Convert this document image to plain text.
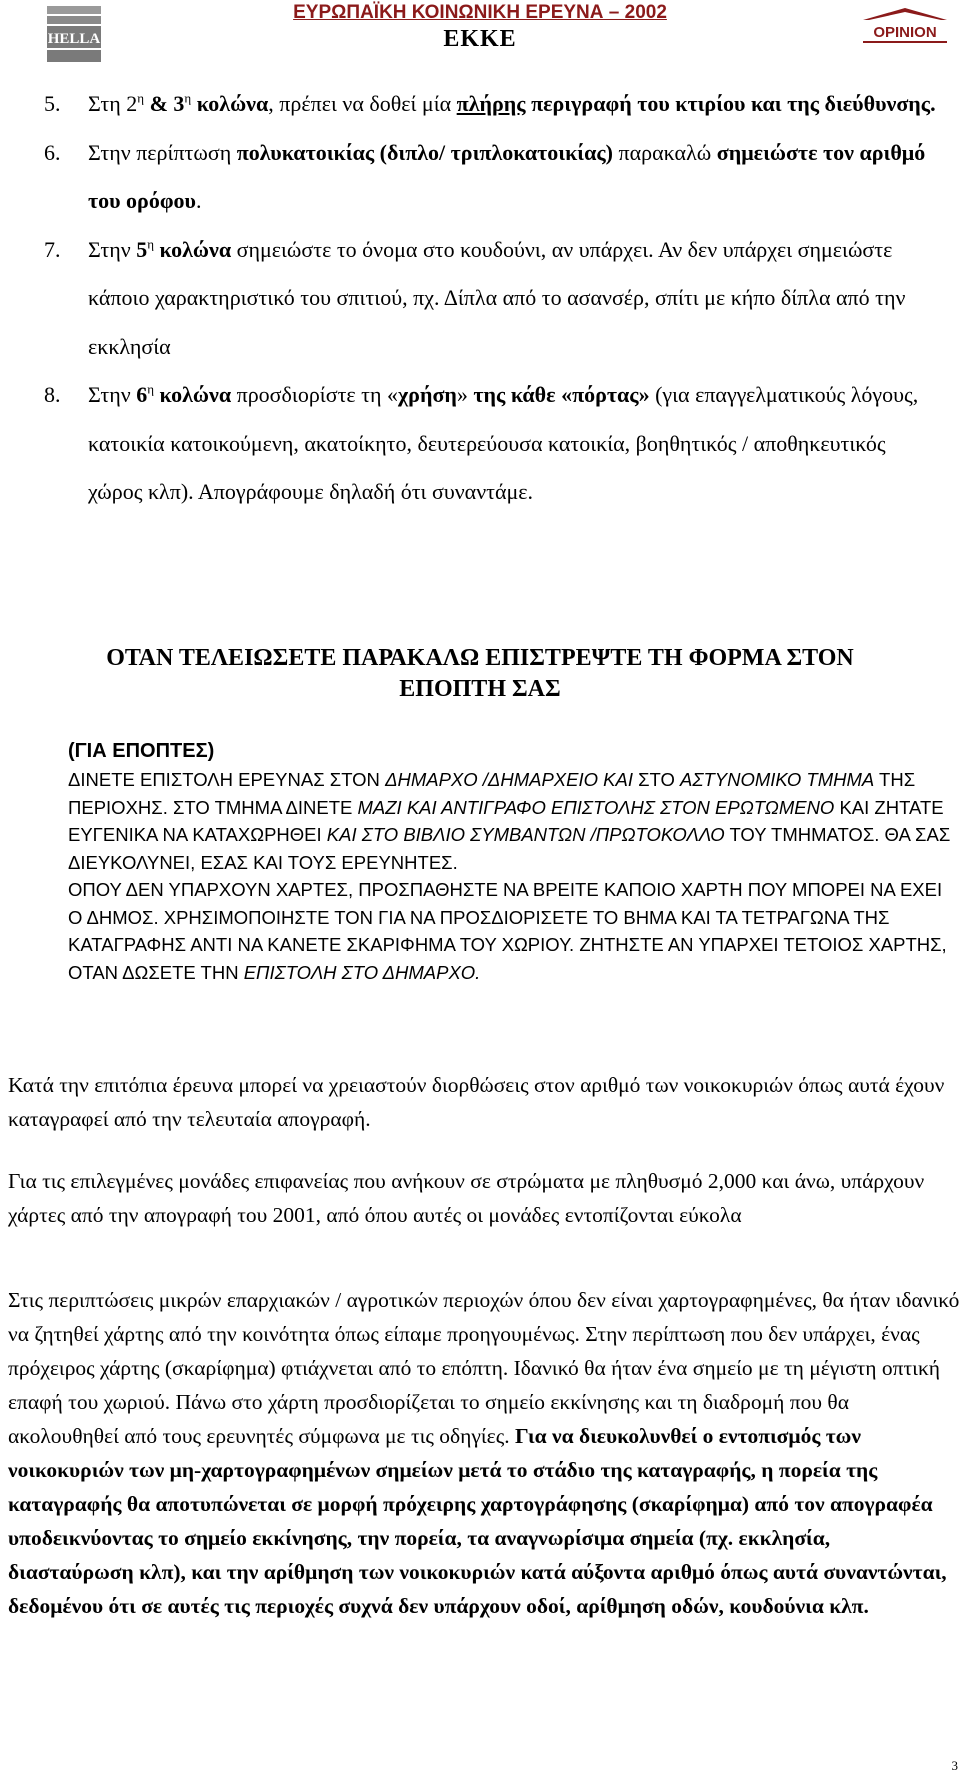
MRB HELLAS S.A.	OPINION
ΕΥΡΩΠΑΪΚΗ ΚΟΙΝΩΝΙΚΗ ΕΡΕΥΝΑ – 2002
ΕΚΚΕ
5. Στη $2^\eta$ & $3^\eta$ κολώνα, πρέπει να δοθεί μία πλήρης περιγραφή του κτιρίου και της διεύθυνσης.
6. Στην περίπτωση πολυκατοικίας (διπλο/ τριπλοκατοικίας) παρακαλώ σημειώστε τον αριθμό του ορόφου.
7. Στην $5^\eta$ κολώνα σημειώστε το όνομα στο κουδούνι, αν υπάρχει. Αν δεν υπάρχει σημειώστε κάποιο χαρακτηριστικό του σπιτιού, πχ. Δίπλα από το ασανσέρ, σπίτι με κήπο δίπλα από την εκκλησία
8. Στην $6^\eta$ κολώνα προσδιορίστε τη «χρήση» της κάθε «πόρτας» (για επαγγελματικούς λόγους, κατοικία κατοικούμενη, ακατοίκητο, δευτερεύουσα κατοικία, βοηθητικός / αποθηκευτικός χώρος κλπ). Απογράφουμε δηλαδή ότι συναντάμε.
ΟΤΑΝ ΤΕΛΕΙΩΣΕΤΕ ΠΑΡΑΚΑΛΩ ΕΠΙΣΤΡΕΨΤΕ ΤΗ ΦΟΡΜΑ ΣΤΟΝ
ΕΠΟΠΤΗ ΣΑΣ
(ΓΙΑ ΕΠΟΠΤΕΣ)
ΔΙΝΕΤΕ ΕΠΙΣΤΟΛΗ ΕΡΕΥΝΑΣ ΣΤΟΝ ΔΗΜΑΡΧΟ /ΔΗΜΑΡΧΕΙΟ ΚΑΙ ΣΤΟ ΑΣΤΥΝΟΜΙΚΟ ΤΜΗΜΑ ΤΗΣ ΠΕΡΙΟΧΗΣ. ΣΤΟ ΤΜΗΜΑ ΔΙΝΕΤΕ ΜΑΖΙ ΚΑΙ ΑΝΤΙΓΡΑΦΟ ΕΠΙΣΤΟΛΗΣ ΣΤΟΝ ΕΡΩΤΩΜΕΝΟ ΚΑΙ ΖΗΤΑΤΕ ΕΥΓΕΝΙΚΑ ΝΑ ΚΑΤΑΧΩΡΗΘΕΙ ΚΑΙ ΣΤΟ ΒΙΒΛΙΟ ΣΥΜΒΑΝΤΩΝ /ΠΡΩΤΟΚΟΛΛΟ ΤΟΥ ΤΜΗΜΑΤΟΣ. ΘΑ ΣΑΣ ΔΙΕΥΚΟΛΥΝΕΙ, ΕΣΑΣ ΚΑΙ ΤΟΥΣ ΕΡΕΥΝΗΤΕΣ.
ΟΠΟΥ ΔΕΝ ΥΠΑΡΧΟΥΝ ΧΑΡΤΕΣ, ΠΡΟΣΠΑΘΗΣΤΕ ΝΑ ΒΡΕΙΤΕ ΚΑΠΟΙΟ ΧΑΡΤΗ ΠΟΥ ΜΠΟΡΕΙ ΝΑ ΕΧΕΙ Ο ΔΗΜΟΣ. ΧΡΗΣΙΜΟΠΟΙΗΣΤΕ ΤΟΝ ΓΙΑ ΝΑ ΠΡΟΣΔΙΟΡΙΣΕΤΕ ΤΟ ΒΗΜΑ ΚΑΙ ΤΑ ΤΕΤΡΑΓΩΝΑ ΤΗΣ ΚΑΤΑΓΡΑΦΗΣ ΑΝΤΙ ΝΑ ΚΑΝΕΤΕ ΣΚΑΡΙΦΗΜΑ ΤΟΥ ΧΩΡΙΟΥ. ΖΗΤΗΣΤΕ ΑΝ ΥΠΑΡΧΕΙ ΤΕΤΟΙΟΣ ΧΑΡΤΗΣ, ΟΤΑΝ ΔΩΣΕΤΕ ΤΗΝ ΕΠΙΣΤΟΛΗ ΣΤΟ ΔΗΜΑΡΧΟ.
Κατά την επιτόπια έρευνα μπορεί να χρειαστούν διορθώσεις στον αριθμό των νοικοκυριών όπως αυτά έχουν καταγραφεί από την τελευταία απογραφή.
Για τις επιλεγμένες μονάδες επιφανείας που ανήκουν σε στρώματα με πληθυσμό 2,000 και άνω, υπάρχουν χάρτες από την απογραφή του 2001, από όπου αυτές οι μονάδες εντοπίζονται εύκολα
Στις περιπτώσεις μικρών επαρχιακών / αγροτικών περιοχών όπου δεν είναι χαρτογραφημένες, θα ήταν ιδανικό να ζητηθεί χάρτης από την κοινότητα όπως είπαμε προηγουμένως. Στην περίπτωση που δεν υπάρχει, ένας πρόχειρος χάρτης (σκαρίφημα) φτιάχνεται από το επόπτη. Ιδανικό θα ήταν ένα σημείο με τη μέγιστη οπτική επαφή του χωριού. Πάνω στο χάρτη προσδιορίζεται το σημείο εκκίνησης και τη διαδρομή που θα ακολουθηθεί από τους ερευνητές σύμφωνα με τις οδηγίες. Για να διευκολυνθεί ο εντοπισμός των νοικοκυριών των μη-χαρτογραφημένων σημείων μετά το στάδιο της καταγραφής, η πορεία της καταγραφής θα αποτυπώνεται σε μορφή πρόχειρης χαρτογράφησης (σκαρίφημα) από τον απογραφέα υποδεικνύοντας το σημείο εκκίνησης, την πορεία, τα αναγνωρίσιμα σημεία (πχ. εκκλησία, διασταύρωση κλπ), και την αρίθμηση των νοικοκυριών κατά αύξοντα αριθμό όπως αυτά συναντώνται, δεδομένου ότι σε αυτές τις περιοχές συχνά δεν υπάρχουν οδοί, αρίθμηση οδών, κουδούνια κλπ.
3
